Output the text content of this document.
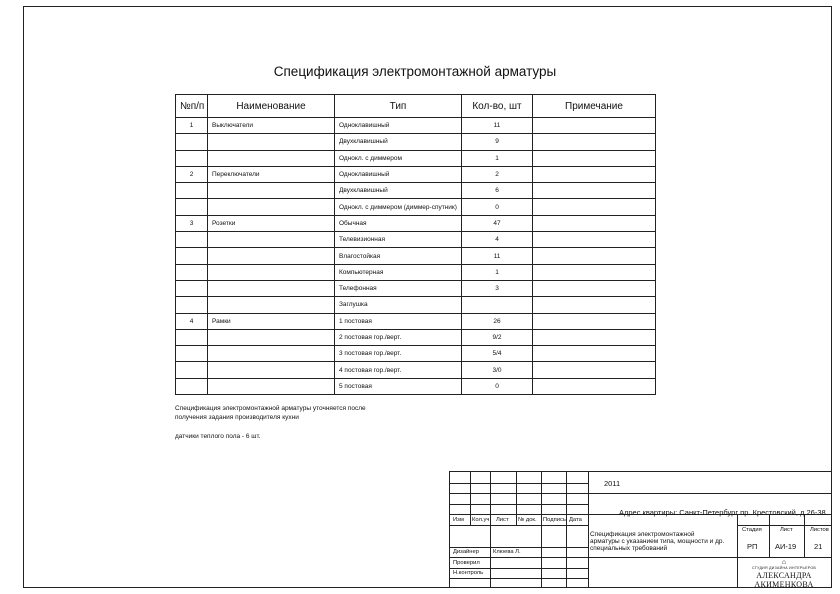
Спецификация электромонтажной арматуры
№п/п	Наименование	Тип	Кол-во, шт	Примечание
1	Выключатели	Одноклавишный	11	
		Двухклавишный	9	
		Однокл. с диммером	1	
2	Переключатели	Одноклавишный	2	
		Двухклавишный	6	
		Однокл. с диммером (диммер-спутник)	0	
3	Розетки	Обычная	47	
		Телевизионная	4	
		Влагостойкая	11	
		Компьютерная	1	
		Телефонная	3	
		Заглушка		
4	Рамки	1 постовая	26	
		2 постовая гор./верт.	9/2	
		3 постовая гор./верт.	5/4	
		4 постовая гор./верт.	3/0	
		5 постовая	0	
Спецификация электромонтажной арматуры уточняется после
получения задания производителя кухни
датчики теплого пола - 6 шт.
2011
Адрес квартиры: Санкт-Петербург пр. Крестовский, д 26-38
Изм Кол.уч Лист № док. Подпись Дата
Спецификация электромонтажной
арматуры с указанием типа, мощности и др.
специальных требований
Стадия	Лист	Листов
РП АИ-19 21
Дизайнер Клюева Л.
Проверил
Н.контроль
⌂
СТУДИЯ ДИЗАЙНА ИНТЕРЬЕРОВ
АЛЕКСАНДРА АКИМЕНКОВА
